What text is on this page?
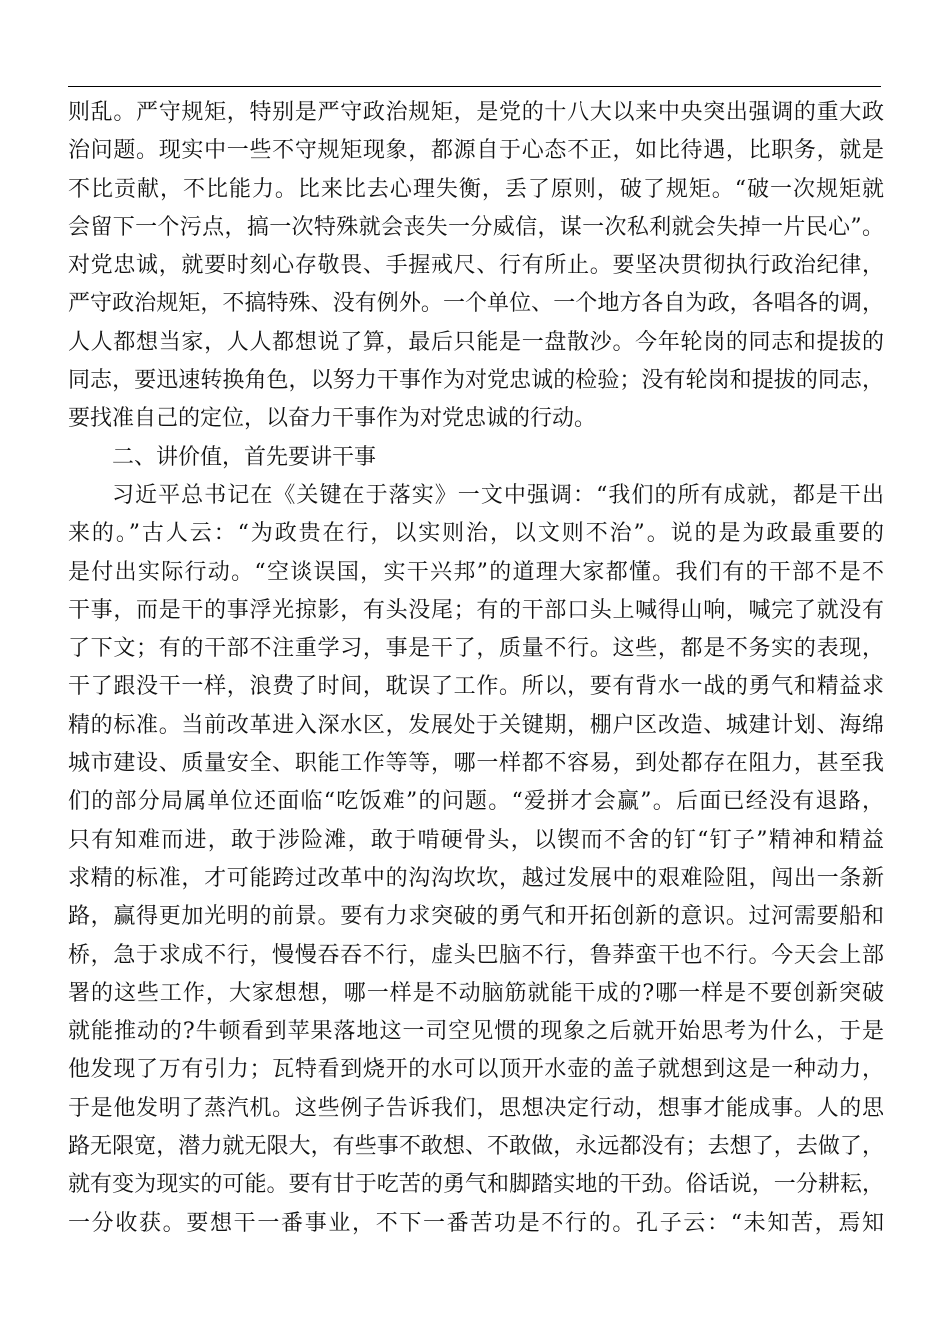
则乱。严守规矩，特别是严守政治规矩，是党的十八大以来中央突出强调的重大政
治问题。现实中一些不守规矩现象，都源自于心态不正，如比待遇，比职务，就是
不比贡献，不比能力。比来比去心理失衡，丢了原则，破了规矩。“破一次规矩就
会留下一个污点，搞一次特殊就会丧失一分威信，谋一次私利就会失掉一片民心”。
对党忠诚，就要时刻心存敬畏、手握戒尺、行有所止。要坚决贯彻执行政治纪律，
严守政治规矩，不搞特殊、没有例外。一个单位、一个地方各自为政，各唱各的调，
人人都想当家，人人都想说了算，最后只能是一盘散沙。今年轮岗的同志和提拔的
同志，要迅速转换角色，以努力干事作为对党忠诚的检验；没有轮岗和提拔的同志，
要找准自己的定位，以奋力干事作为对党忠诚的行动。
二、讲价值，首先要讲干事
习近平总书记在《关键在于落实》一文中强调：“我们的所有成就，都是干出
来的。”古人云：“为政贵在行，以实则治，以文则不治”。说的是为政最重要的
是付出实际行动。“空谈误国，实干兴邦”的道理大家都懂。我们有的干部不是不
干事，而是干的事浮光掠影，有头没尾；有的干部口头上喊得山响，喊完了就没有
了下文；有的干部不注重学习，事是干了，质量不行。这些，都是不务实的表现，
干了跟没干一样，浪费了时间，耽误了工作。所以，要有背水一战的勇气和精益求
精的标准。当前改革进入深水区，发展处于关键期，棚户区改造、城建计划、海绵
城市建设、质量安全、职能工作等等，哪一样都不容易，到处都存在阻力，甚至我
们的部分局属单位还面临“吃饭难”的问题。“爱拼才会赢”。后面已经没有退路，
只有知难而进，敢于涉险滩，敢于啃硬骨头，以锲而不舍的钉“钉子”精神和精益
求精的标准，才可能跨过改革中的沟沟坎坎，越过发展中的艰难险阻，闯出一条新
路，赢得更加光明的前景。要有力求突破的勇气和开拓创新的意识。过河需要船和
桥，急于求成不行，慢慢吞吞不行，虚头巴脑不行，鲁莽蛮干也不行。今天会上部
署的这些工作，大家想想，哪一样是不动脑筋就能干成的?哪一样是不要创新突破
就能推动的?牛顿看到苹果落地这一司空见惯的现象之后就开始思考为什么，于是
他发现了万有引力；瓦特看到烧开的水可以顶开水壶的盖子就想到这是一种动力，
于是他发明了蒸汽机。这些例子告诉我们，思想决定行动，想事才能成事。人的思
路无限宽，潜力就无限大，有些事不敢想、不敢做，永远都没有；去想了，去做了，
就有变为现实的可能。要有甘于吃苦的勇气和脚踏实地的干劲。俗话说，一分耕耘，
一分收获。要想干一番事业，不下一番苦功是不行的。孔子云：“未知苦，焉知
